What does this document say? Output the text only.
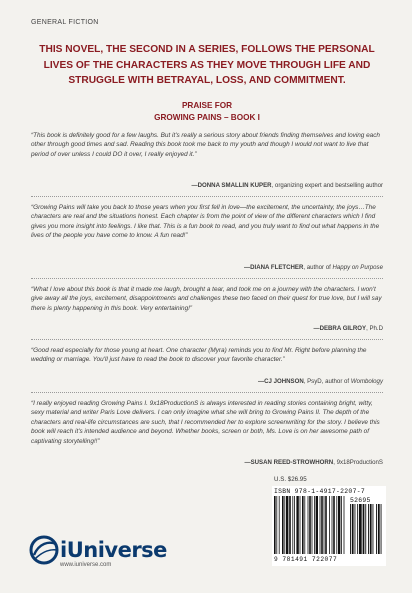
GENERAL FICTION
THIS NOVEL, THE SECOND IN A SERIES, FOLLOWS THE PERSONAL LIVES OF THE CHARACTERS AS THEY MOVE THROUGH LIFE AND STRUGGLE WITH BETRAYAL, LOSS, AND COMMITMENT.
PRAISE FOR
GROWING PAINS – BOOK I
“This book is definitely good for a few laughs. But it's really a serious story about friends finding themselves and loving each other through good times and sad. Reading this book took me back to my youth and though I would not want to live that period of over unless I could DO it over, I really enjoyed it.”
—DONNA SMALLIN KUPER, organizing expert and bestselling author
“Growing Pains will take you back to those years when you first fell in love—the excitement, the uncertainty, the joys…The characters are real and the situations honest. Each chapter is from the point of view of the different characters which I find gives you more insight into feelings. I like that. This is a fun book to read, and you truly want to find out what happens in the lives of the people you have come to know. A fun read!”
—DIANA FLETCHER, author of Happy on Purpose
“What I love about this book is that it made me laugh, brought a tear, and took me on a journey with the characters. I won't give away all the joys, excitement, disappointments and challenges these two faced on their quest for true love, but I will say there is plenty happening in this book. Very entertaining!”
—DEBRA GILROY, Ph.D
“Good read especially for those young at heart. One character (Myra) reminds you to find Mr. Right before planning the wedding or marriage. You'll just have to read the book to discover your favorite character.”
—CJ JOHNSON, PsyD, author of Wombology
“I really enjoyed reading Growing Pains I. 9x18ProductionS is always interested in reading stories containing bright, witty, sexy material and writer Paris Love delivers. I can only imagine what she will bring to Growing Pains II. The depth of the characters and real-life circumstances are such, that I recommended her to explore screenwriting for the story. I believe this book will reach it's intended audience and beyond. Whether books, screen or both, Ms. Love is on her awesome path of captivating storytelling!!”
—SUSAN REED-STROWHORN, 9x18ProductionS
U.S. $26.95
ISBN 978-1-4917-2207-7
52695
9 781491 722077
iUniverse
www.iuniverse.com
